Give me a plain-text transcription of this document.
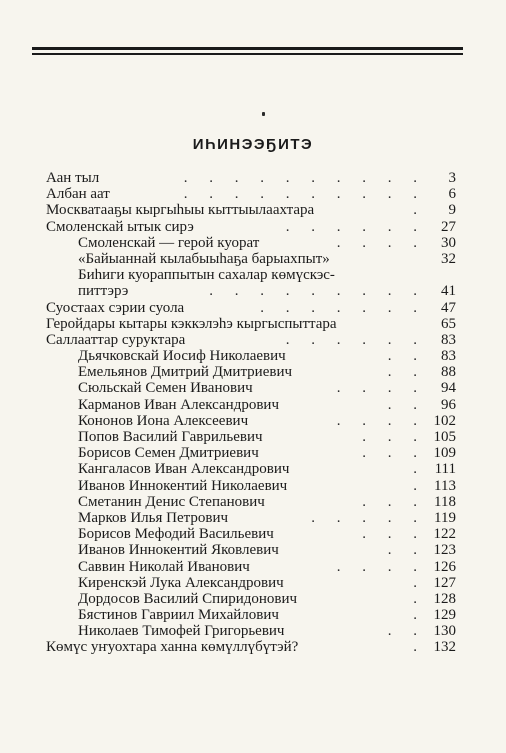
ИҺИНЭЭҔИТЭ
Аан тыл	. . . . . . . . . .	3
Албан аат	. . . . . . . . . .	6
Москватааҕы кыргыһыы кыттыылаахтара	.	9
Смоленскай ытык сирэ	. . . . . .	27
Смоленскай — герой куорат	. . . .	30
«Байыаннай кылабыыһаҕа барыахпыт»	32
Биһиги куораппытын сахалар көмүскэс-
питтэрэ	. . . . . . . . .	41
Суостаах сэрии суола	. . . . . . .	47
Геройдары кытары кэккэлэһэ кыргыспыттара	65
Саллааттар суруктара	. . . . . .	83
Дьячковскай Иосиф Николаевич	. .	83
Емельянов Дмитрий Дмитриевич	. .	88
Сюльскай Семен Иванович	. . . .	94
Карманов Иван Александрович	. .	96
Кононов Иона Алексеевич	. . . . 102
Попов Василий Гаврильевич	. . . 105
Борисов Семен Дмитриевич	. . . 109
Кангаласов Иван Александрович	. 111
Иванов Иннокентий Николаевич	. 113
Сметанин Денис Степанович	. . . 118
Марков Илья Петрович	. . . . . 119
Борисов Мефодий Васильевич	. . . 122
Иванов Иннокентий Яковлевич	. . 123
Саввин Николай Иванович	. . . . 126
Киренскэй Лука Александрович	. 127
Дордосов Василий Спиридонович	. 128
Бястинов Гавриил Михайлович	. 129
Николаев Тимофей Григорьевич	. . 130
Көмүс уҥуохтара ханна көмүллүбүтэй?	. 132
